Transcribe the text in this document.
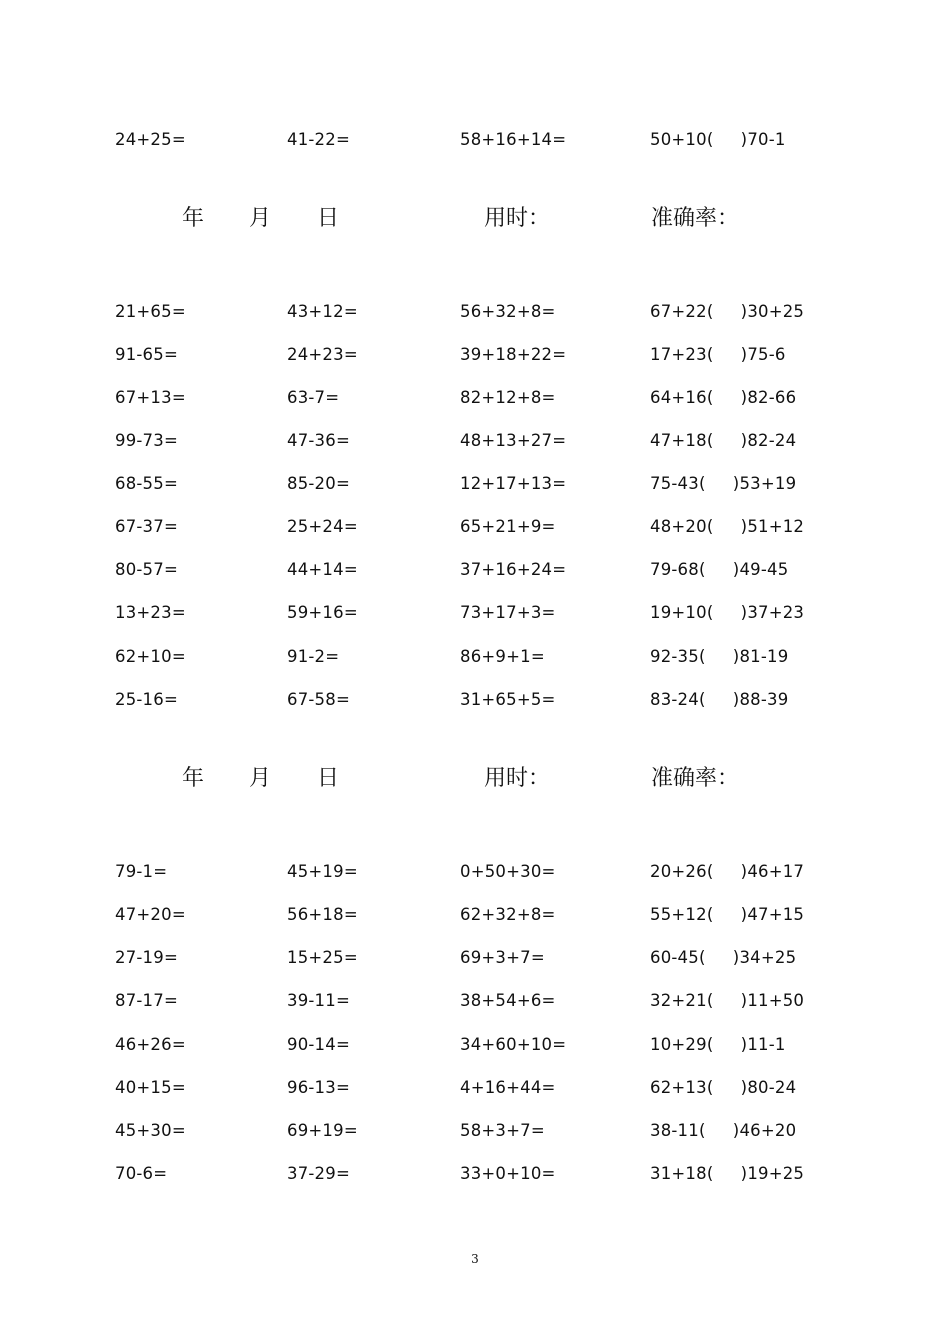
24+25=	41-22=	58+16+14=	50+10(     )70-1
年 月 日	用时：	准确率：
21+65=	43+12=	56+32+8=	67+22(     )30+25
91-65=	24+23=	39+18+22=	17+23(     )75-6
67+13=	63-7=	82+12+8=	64+16(     )82-66
99-73=	47-36=	48+13+27=	47+18(     )82-24
68-55=	85-20=	12+17+13=	75-43(     )53+19
67-37=	25+24=	65+21+9=	48+20(     )51+12
80-57=	44+14=	37+16+24=	79-68(     )49-45
13+23=	59+16=	73+17+3=	19+10(     )37+23
62+10=	91-2=	86+9+1=	92-35(     )81-19
25-16=	67-58=	31+65+5=	83-24(     )88-39
年 月 日	用时：	准确率：
79-1=	45+19=	0+50+30=	20+26(     )46+17
47+20=	56+18=	62+32+8=	55+12(     )47+15
27-19=	15+25=	69+3+7=	60-45(     )34+25
87-17=	39-11=	38+54+6=	32+21(     )11+50
46+26=	90-14=	34+60+10=	10+29(     )11-1
40+15=	96-13=	4+16+44=	62+13(     )80-24
45+30=	69+19=	58+3+7=	38-11(     )46+20
70-6=	37-29=	33+0+10=	31+18(     )19+25
3
